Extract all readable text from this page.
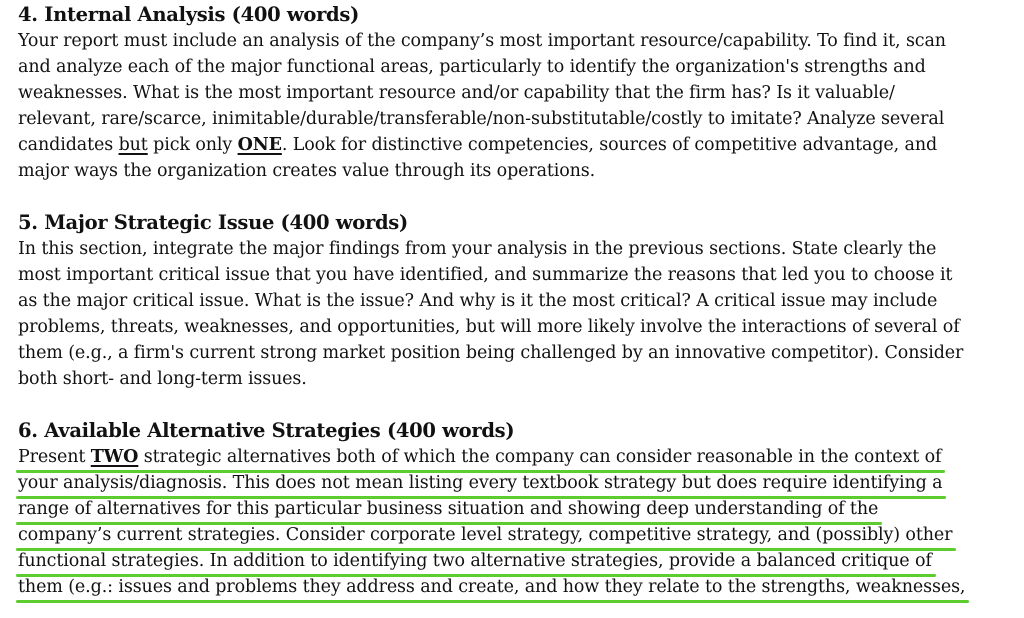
4. Internal Analysis (400 words)
Your report must include an analysis of the company’s most important resource/capability. To find it, scan
and analyze each of the major functional areas, particularly to identify the organization's strengths and
weaknesses. What is the most important resource and/or capability that the firm has? Is it valuable/
relevant, rare/scarce, inimitable/durable/transferable/non-substitutable/costly to imitate? Analyze several
candidates but pick only ONE. Look for distinctive competencies, sources of competitive advantage, and
major ways the organization creates value through its operations.
5. Major Strategic Issue (400 words)
In this section, integrate the major findings from your analysis in the previous sections. State clearly the
most important critical issue that you have identified, and summarize the reasons that led you to choose it
as the major critical issue. What is the issue? And why is it the most critical? A critical issue may include
problems, threats, weaknesses, and opportunities, but will more likely involve the interactions of several of
them (e.g., a firm's current strong market position being challenged by an innovative competitor). Consider
both short- and long-term issues.
6. Available Alternative Strategies (400 words)
Present TWO strategic alternatives both of which the company can consider reasonable in the context of
your analysis/diagnosis. This does not mean listing every textbook strategy but does require identifying a
range of alternatives for this particular business situation and showing deep understanding of the
company’s current strategies. Consider corporate level strategy, competitive strategy, and (possibly) other
functional strategies. In addition to identifying two alternative strategies, provide a balanced critique of
them (e.g.: issues and problems they address and create, and how they relate to the strengths, weaknesses,
